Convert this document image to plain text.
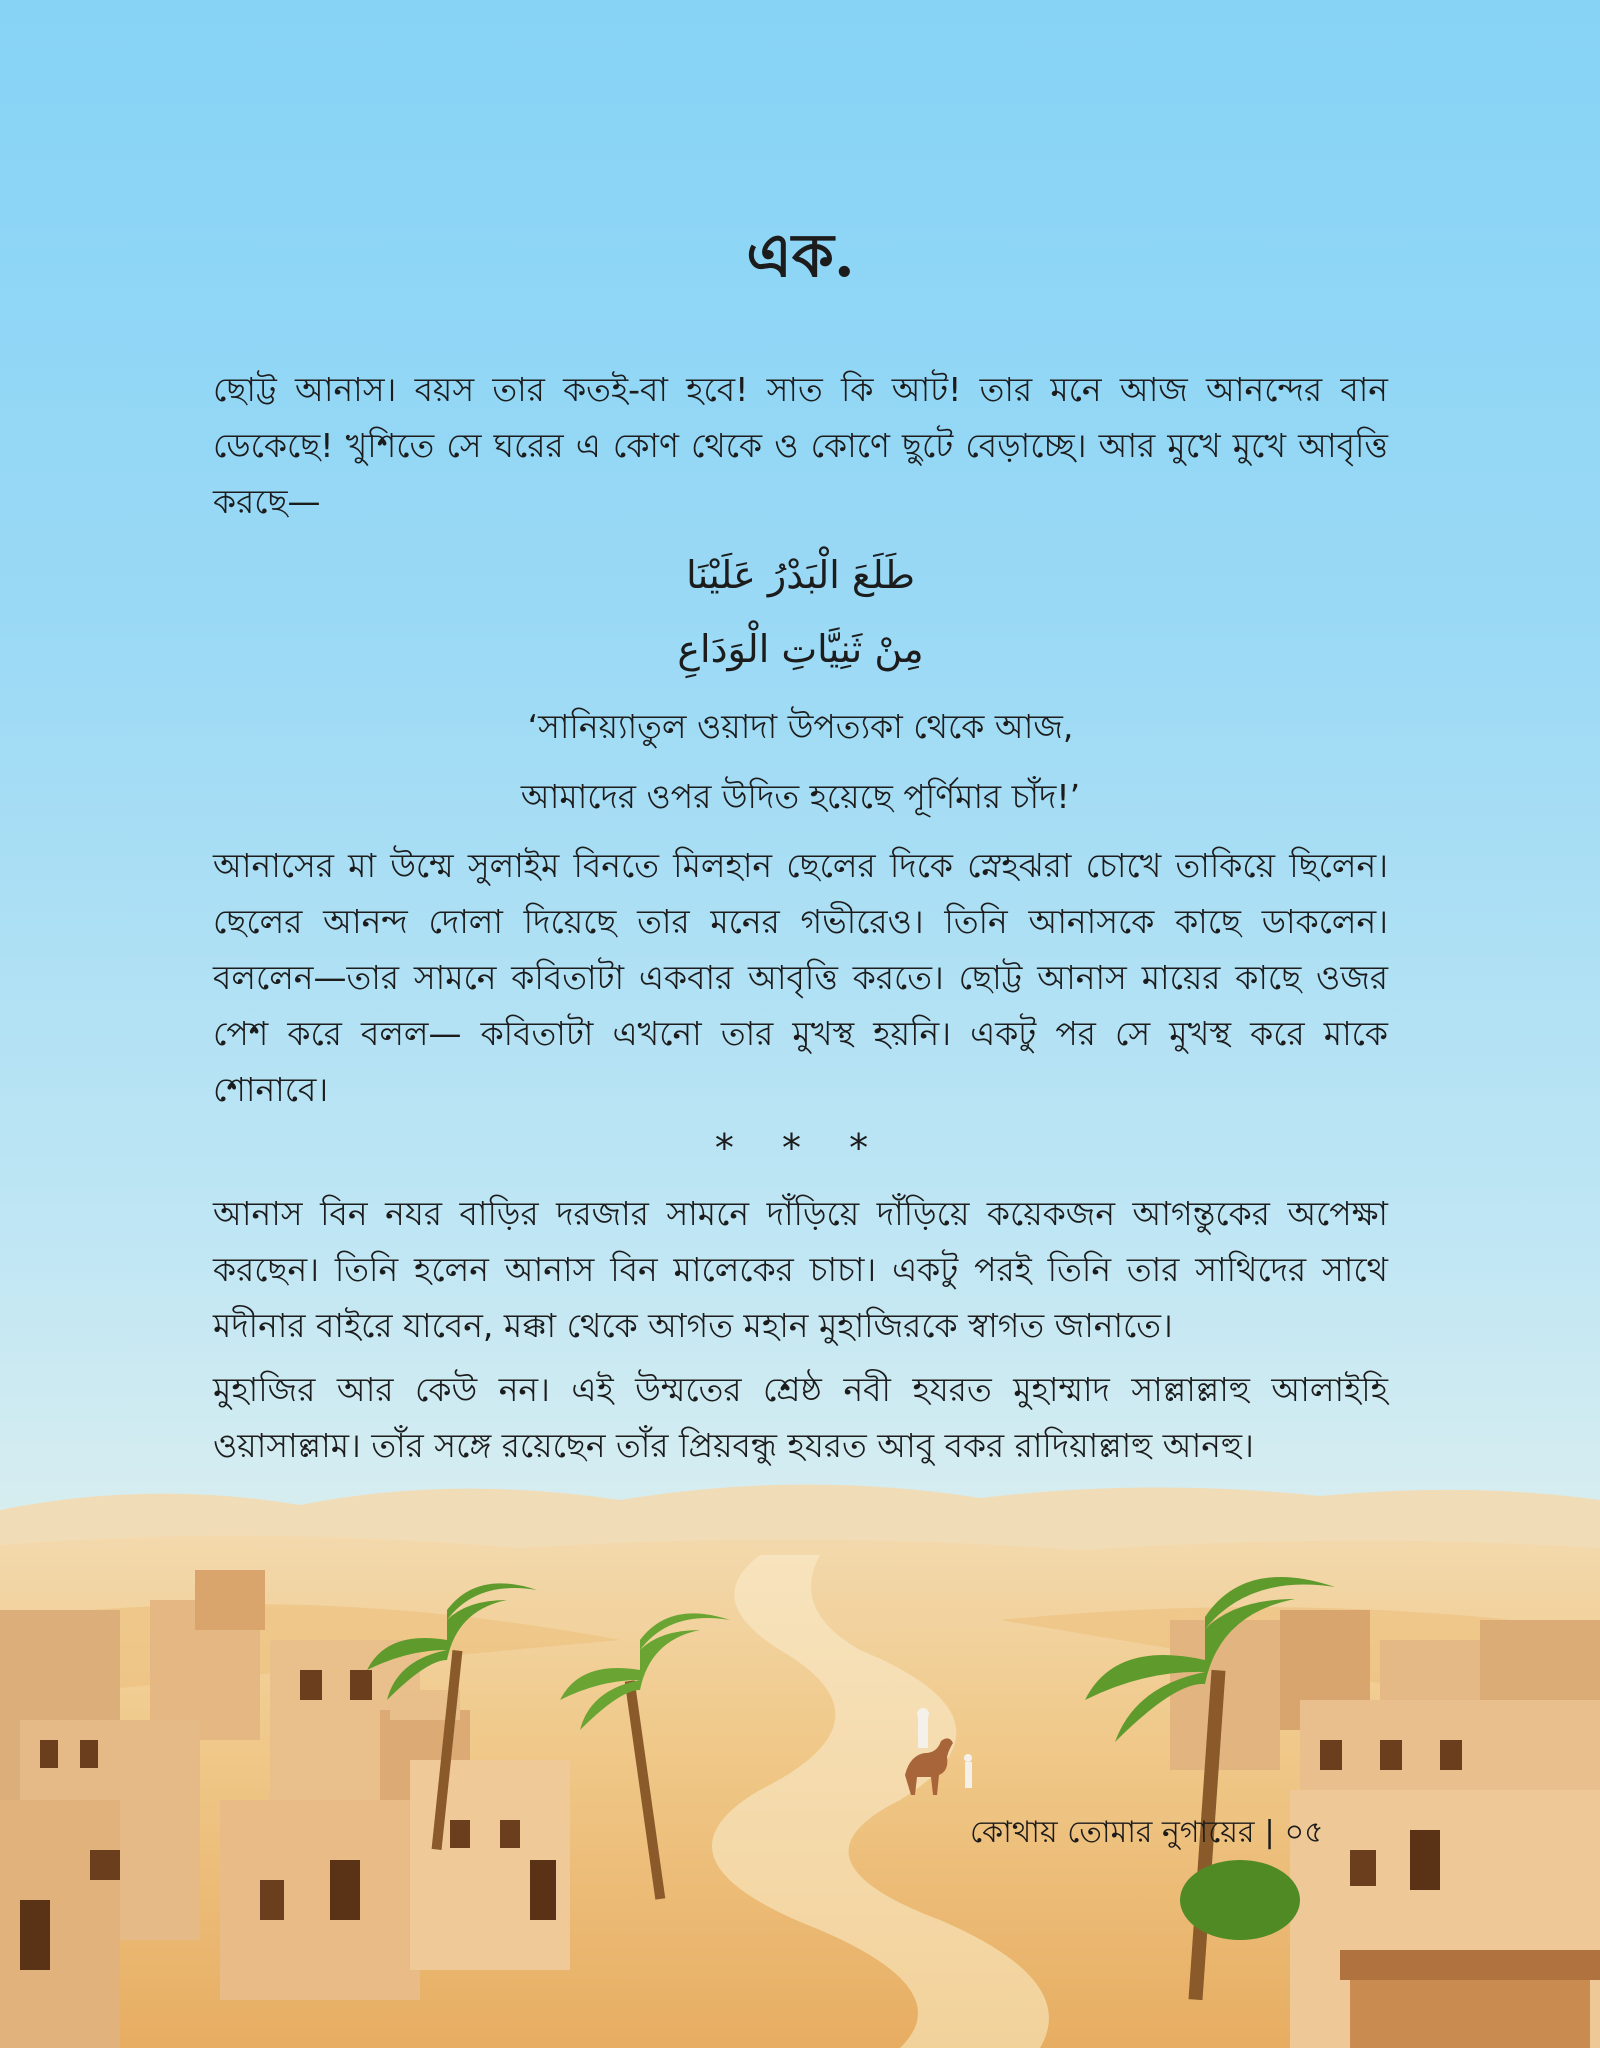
এক.

ছোট্ট আনাস। বয়স তার কতই-বা হবে! সাত কি আট! তার মনে আজ আনন্দের বান ডেকেছে! খুশিতে সে ঘরের এ কোণ থেকে ও কোণে ছুটে বেড়াচ্ছে। আর মুখে মুখে আবৃত্তি করছে—

طَلَعَ الْبَدْرُ عَلَيْنَا
مِنْ ثَنِيَّاتِ الْوَدَاعِ
‘সানিয়্যাতুল ওয়াদা উপত্যকা থেকে আজ,
আমাদের ওপর উদিত হয়েছে পূর্ণিমার চাঁদ!’

আনাসের মা উম্মে সুলাইম বিনতে মিলহান ছেলের দিকে স্নেহঝরা চোখে তাকিয়ে ছিলেন। ছেলের আনন্দ দোলা দিয়েছে তার মনের গভীরেও। তিনি আনাসকে কাছে ডাকলেন। বললেন—তার সামনে কবিতাটা একবার আবৃত্তি করতে। ছোট্ট আনাস মায়ের কাছে ওজর পেশ করে বলল— কবিতাটা এখনো তার মুখস্থ হয়নি। একটু পর সে মুখস্থ করে মাকে শোনাবে।

* * *

আনাস বিন নযর বাড়ির দরজার সামনে দাঁড়িয়ে দাঁড়িয়ে কয়েকজন আগন্তুকের অপেক্ষা করছেন। তিনি হলেন আনাস বিন মালেকের চাচা। একটু পরই তিনি তার সাথিদের সাথে মদীনার বাইরে যাবেন, মক্কা থেকে আগত মহান মুহাজিরকে স্বাগত জানাতে।

মুহাজির আর কেউ নন। এই উম্মতের শ্রেষ্ঠ নবী হযরত মুহাম্মাদ সাল্লাল্লাহু আলাইহি ওয়াসাল্লাম। তাঁর সঙ্গে রয়েছেন তাঁর প্রিয়বন্ধু হযরত আবু বকর রাদিয়াল্লাহু আনহু।

কোথায় তোমার নুগায়ের | ০৫
